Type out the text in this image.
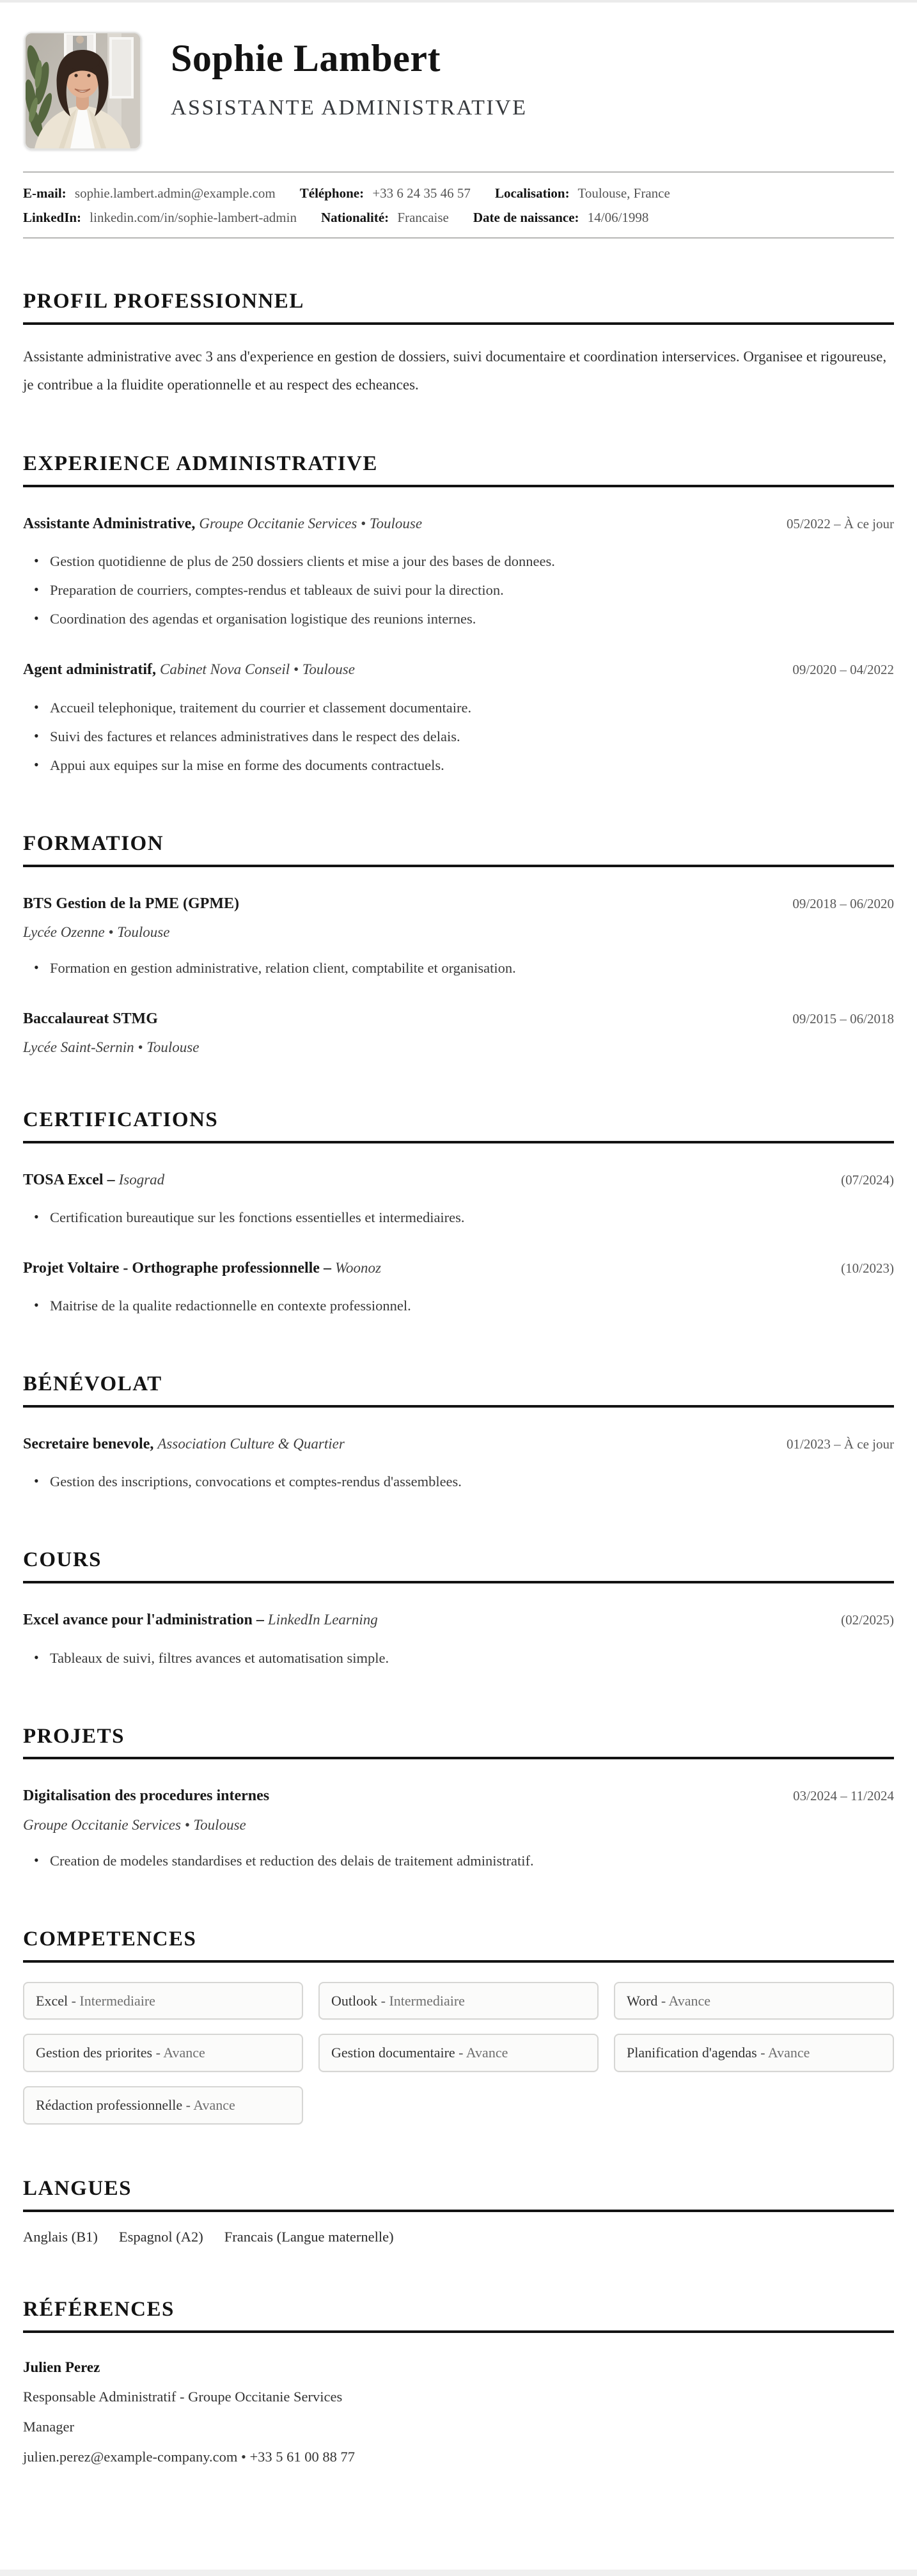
Sophie Lambert
ASSISTANTE ADMINISTRATIVE
E-mail: sophie.lambert.admin@example.com Téléphone: +33 6 24 35 46 57 Localisation: Toulouse, France
LinkedIn: linkedin.com/in/sophie-lambert-admin Nationalité: Francaise Date de naissance: 14/06/1998
PROFIL PROFESSIONNEL

Assistante administrative avec 3 ans d'experience en gestion de dossiers, suivi documentaire et coordination interservices. Organisee et rigoureuse, je contribue a la fluidite operationnelle et au respect des echeances.

EXPERIENCE ADMINISTRATIVE
Assistante Administrative, Groupe Occitanie Services • Toulouse	05/2022 – À ce jour
• Gestion quotidienne de plus de 250 dossiers clients et mise a jour des bases de donnees.
• Preparation de courriers, comptes-rendus et tableaux de suivi pour la direction.
• Coordination des agendas et organisation logistique des reunions internes.
Agent administratif, Cabinet Nova Conseil • Toulouse	09/2020 – 04/2022
• Accueil telephonique, traitement du courrier et classement documentaire.
• Suivi des factures et relances administratives dans le respect des delais.
• Appui aux equipes sur la mise en forme des documents contractuels.
FORMATION
BTS Gestion de la PME (GPME)	09/2018 – 06/2020
Lycée Ozenne • Toulouse
• Formation en gestion administrative, relation client, comptabilite et organisation.
Baccalaureat STMG	09/2015 – 06/2018
Lycée Saint-Sernin • Toulouse
CERTIFICATIONS
TOSA Excel – Isograd	(07/2024)
• Certification bureautique sur les fonctions essentielles et intermediaires.
Projet Voltaire - Orthographe professionnelle – Woonoz	(10/2023)
• Maitrise de la qualite redactionnelle en contexte professionnel.
BÉNÉVOLAT
Secretaire benevole, Association Culture & Quartier	01/2023 – À ce jour
• Gestion des inscriptions, convocations et comptes-rendus d'assemblees.
COURS
Excel avance pour l'administration – LinkedIn Learning	(02/2025)
• Tableaux de suivi, filtres avances et automatisation simple.
PROJETS
Digitalisation des procedures internes	03/2024 – 11/2024
Groupe Occitanie Services • Toulouse
• Creation de modeles standardises et reduction des delais de traitement administratif.
COMPETENCES
Excel - Intermediaire	Outlook - Intermediaire	Word - Avance
Gestion des priorites - Avance	Gestion documentaire - Avance	Planification d'agendas - Avance
Rédaction professionnelle - Avance
LANGUES
Anglais (B1) Espagnol (A2) Francais (Langue maternelle)
RÉFÉRENCES
Julien Perez
Responsable Administratif - Groupe Occitanie Services
Manager
julien.perez@example-company.com • +33 5 61 00 88 77
